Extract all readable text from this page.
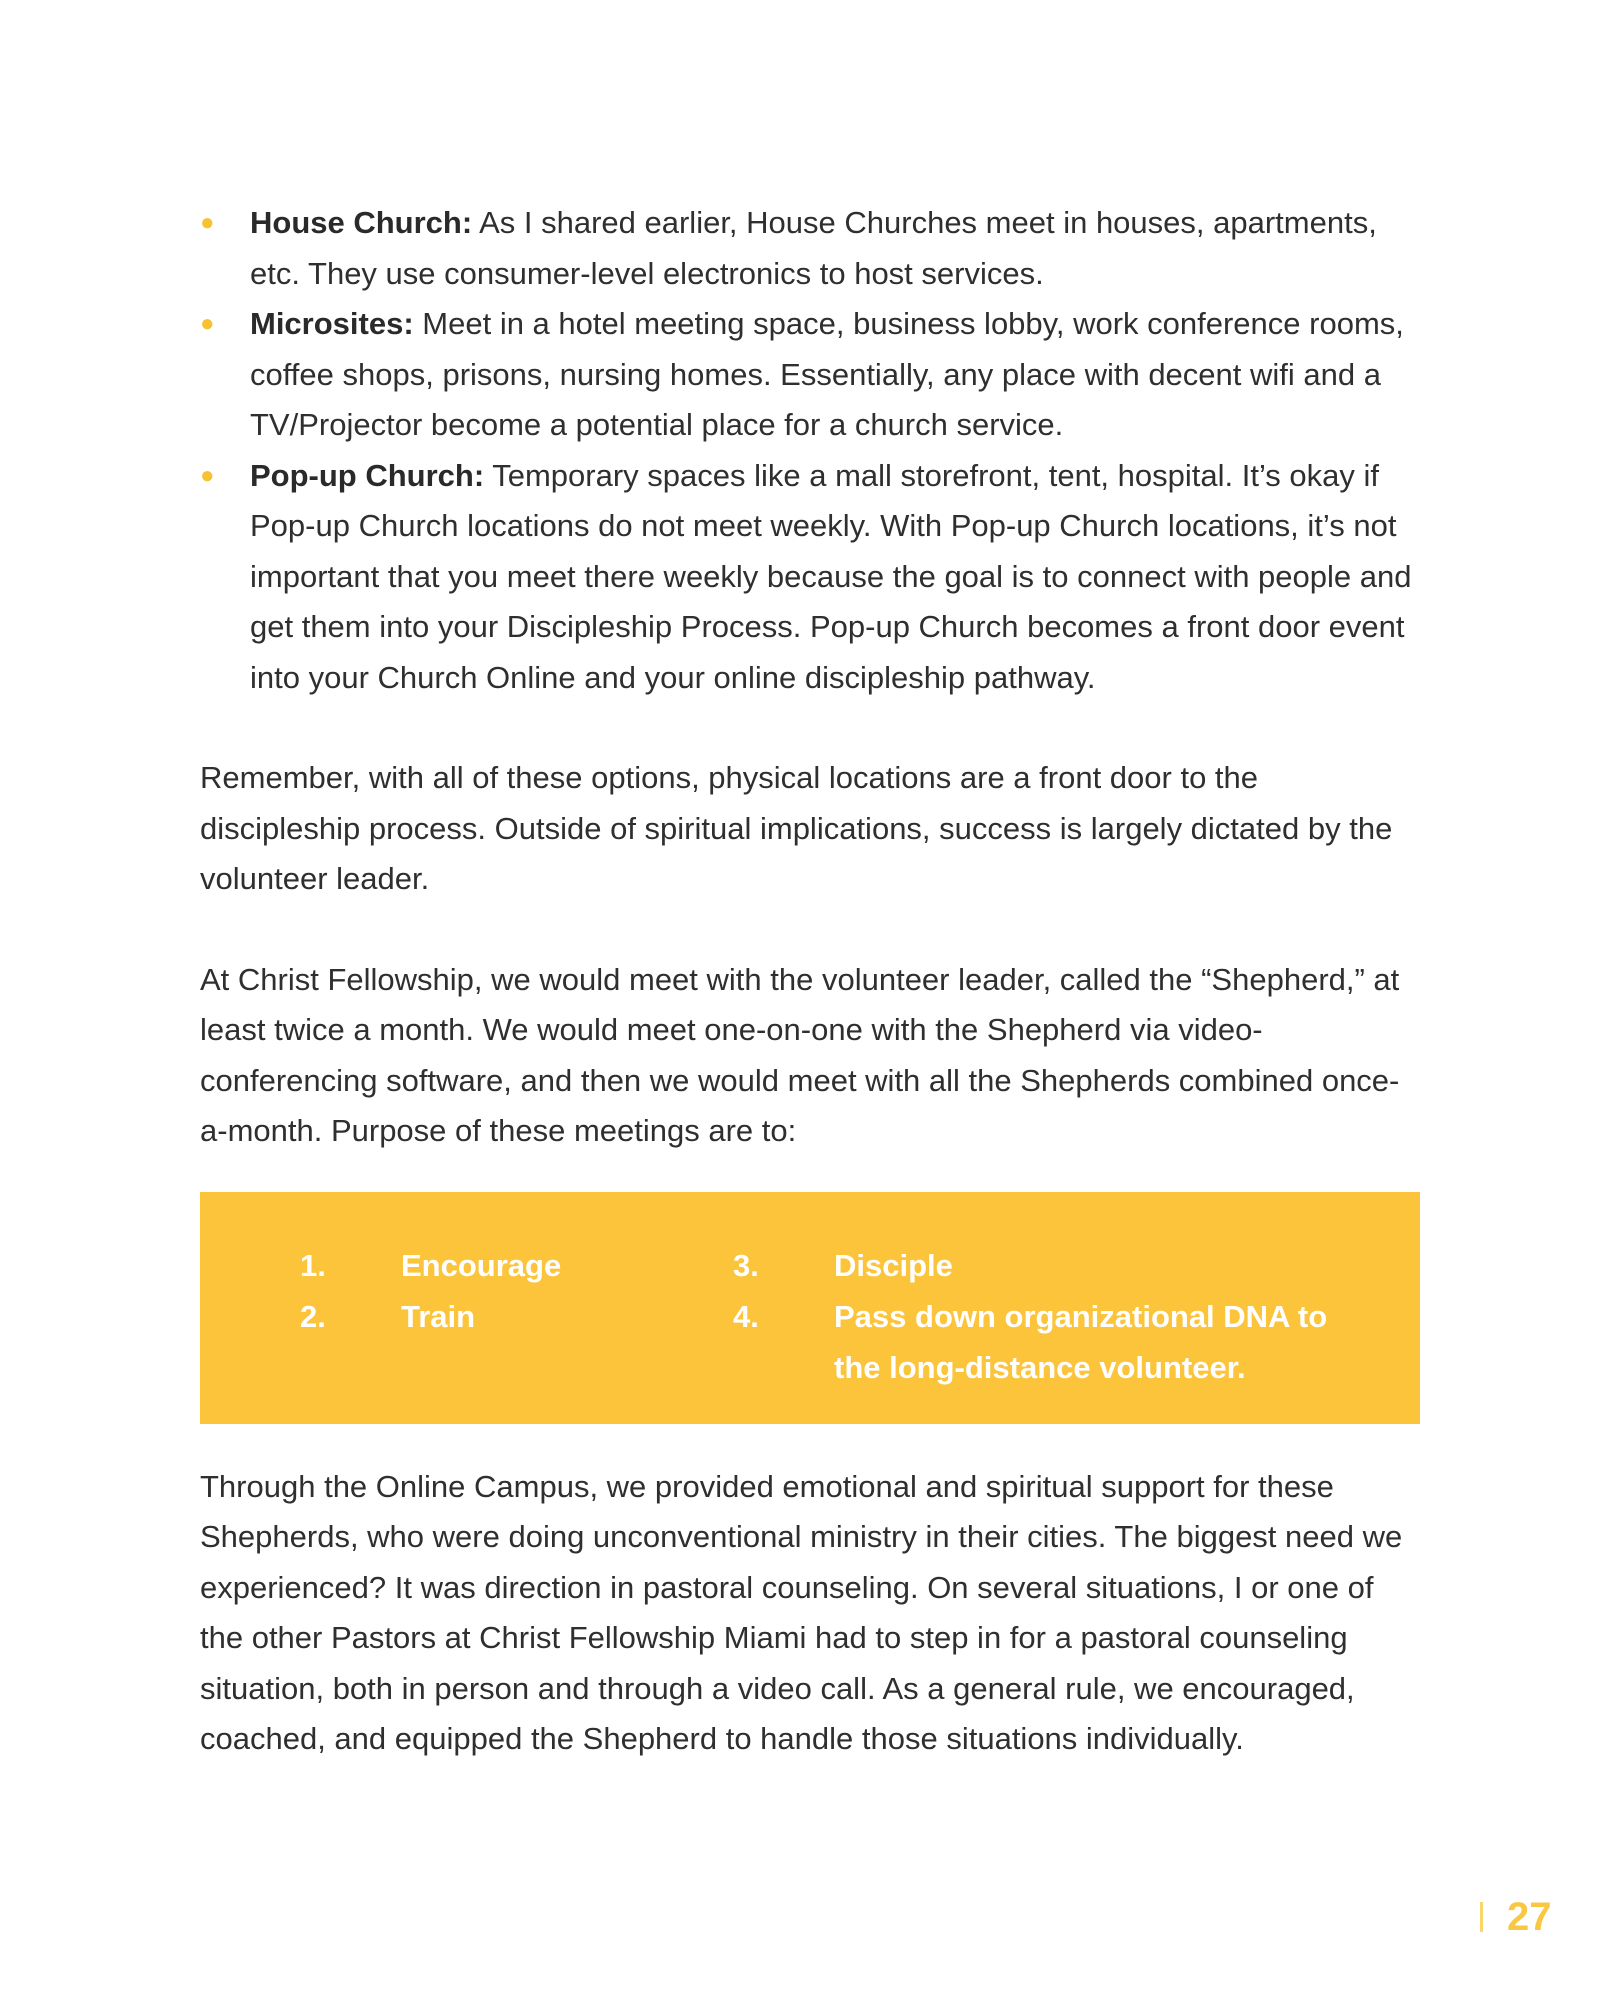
● House Church: As I shared earlier, House Churches meet in houses, apartments, etc. They use consumer-level electronics to host services.
● Microsites: Meet in a hotel meeting space, business lobby, work conference rooms, coffee shops, prisons, nursing homes. Essentially, any place with decent wifi and a TV/Projector become a potential place for a church service.
● Pop-up Church: Temporary spaces like a mall storefront, tent, hospital. It’s okay if Pop-up Church locations do not meet weekly. With Pop-up Church locations, it’s not important that you meet there weekly because the goal is to connect with people and get them into your Discipleship Process. Pop-up Church becomes a front door event into your Church Online and your online discipleship pathway.

Remember, with all of these options, physical locations are a front door to the discipleship process. Outside of spiritual implications, success is largely dictated by the volunteer leader.

At Christ Fellowship, we would meet with the volunteer leader, called the “Shepherd,” at least twice a month. We would meet one-on-one with the Shepherd via video-conferencing software, and then we would meet with all the Shepherds combined once-a-month. Purpose of these meetings are to:

1.	Encourage
2.	Train
3.	Disciple
4.	Pass down organizational DNA to the long-distance volunteer.

Through the Online Campus, we provided emotional and spiritual support for these Shepherds, who were doing unconventional ministry in their cities. The biggest need we experienced? It was direction in pastoral counseling. On several situations, I or one of the other Pastors at Christ Fellowship Miami had to step in for a pastoral counseling situation, both in person and through a video call. As a general rule, we encouraged, coached, and equipped the Shepherd to handle those situations individually.

27
